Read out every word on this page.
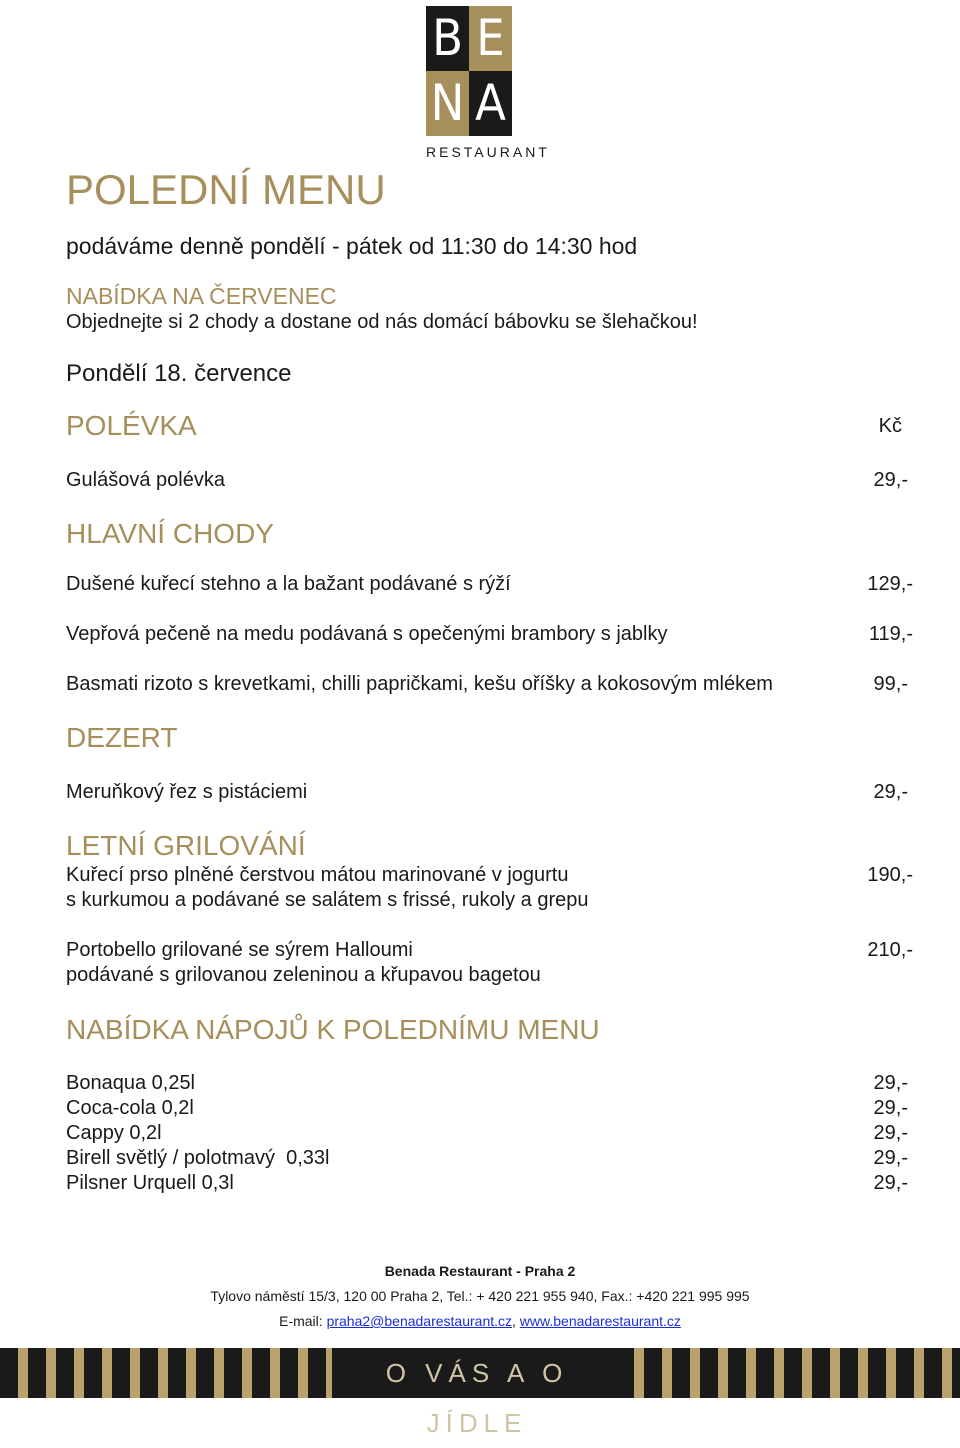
B E
N A
RESTAURANT
POLEDNÍ MENU
podáváme denně pondělí - pátek od 11:30 do 14:30 hod
NABÍDKA NA ČERVENEC
Objednejte si 2 chody a dostane od nás domácí bábovku se šlehačkou!
Pondělí 18. července
POLÉVKA	Kč
Gulášová polévka	29,-
HLAVNÍ CHODY
Dušené kuřecí stehno a la bažant podávané s rýží	129,-
Vepřová pečeně na medu podávaná s opečenými brambory s jablky	119,-
Basmati rizoto s krevetkami, chilli papričkami, kešu oříšky a kokosovým mlékem	99,-
DEZERT
Meruňkový řez s pistáciemi	29,-
LETNÍ GRILOVÁNÍ
Kuřecí prso plněné čerstvou mátou marinované v jogurtu
s kurkumou a podávané se salátem s frissé, rukoly a grepu
190,-
Portobello grilované se sýrem Halloumi
podávané s grilovanou zeleninou a křupavou bagetou
210,-
NABÍDKA NÁPOJŮ K POLEDNÍMU MENU
Bonaqua 0,25l	29,-
Coca-cola 0,2l	29,-
Cappy 0,2l	29,-
Birell světlý / polotmavý  0,33l	29,-
Pilsner Urquell 0,3l	29,-
Benada Restaurant - Praha 2
Tylovo náměstí 15/3, 120 00 Praha 2, Tel.: + 420 221 955 940, Fax.: +420 221 995 995
E-mail: praha2@benadarestaurant.cz, www.benadarestaurant.cz
O VÁS A O JÍDLE
